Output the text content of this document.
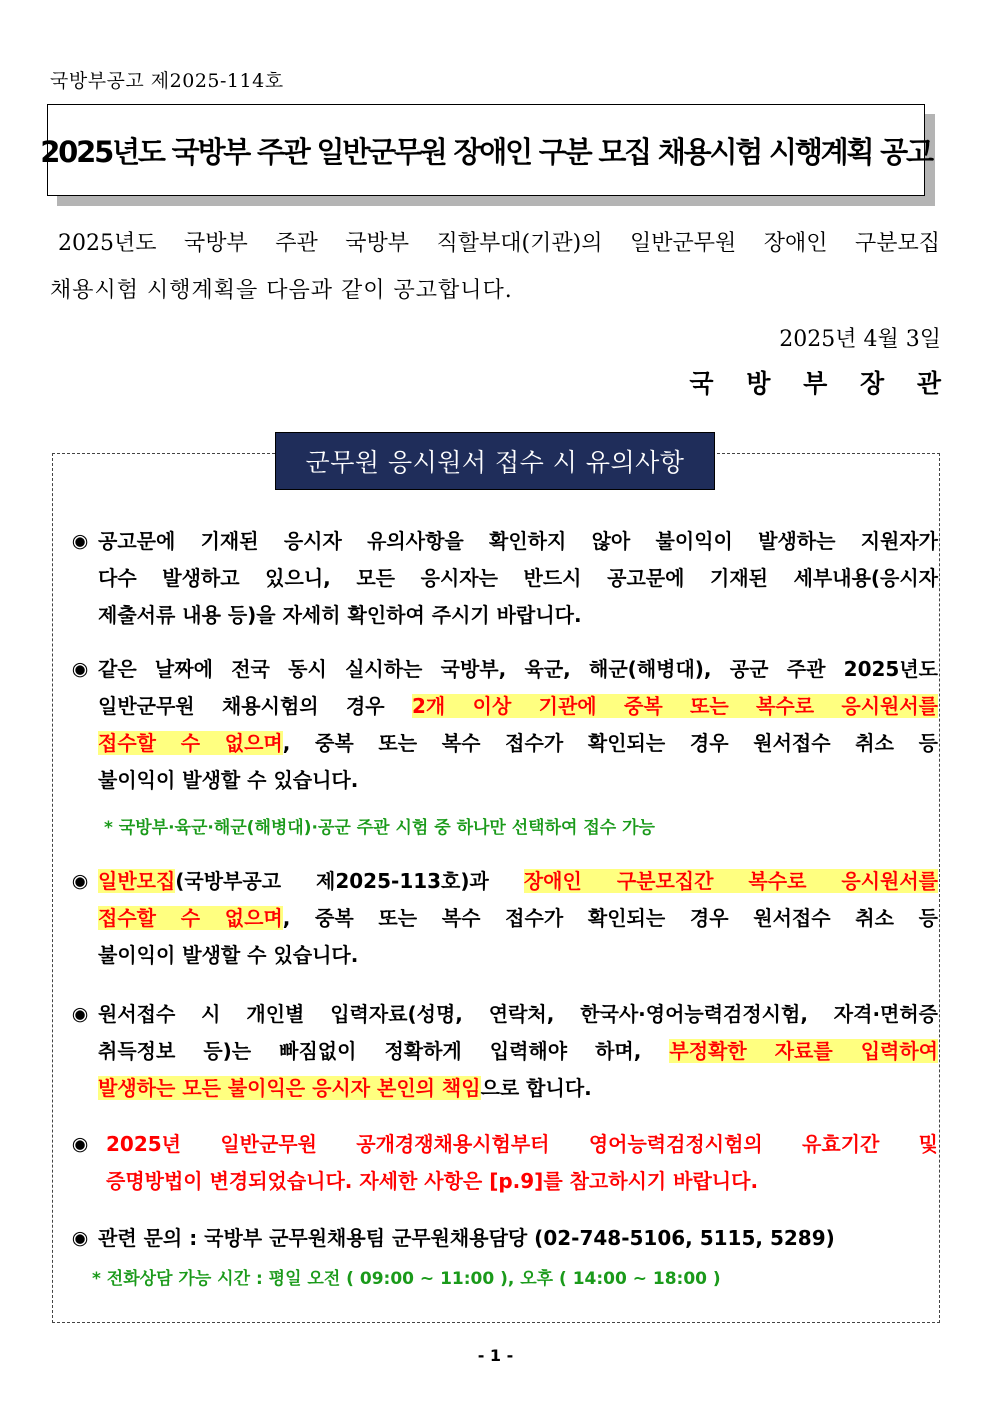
국방부공고 제2025-114호
2025년도 국방부 주관 일반군무원 장애인 구분 모집 채용시험 시행계획 공고
2025년도 국방부 주관 국방부 직할부대(기관)의 일반군무원 장애인 구분모집
채용시험 시행계획을 다음과 같이 공고합니다.
2025년 4월 3일
국 방 부 장 관
군무원 응시원서 접수 시 유의사항
◉ 공고문에 기재된 응시자 유의사항을 확인하지 않아 불이익이 발생하는 지원자가
다수 발생하고 있으니, 모든 응시자는 반드시 공고문에 기재된 세부내용(응시자
제출서류 내용 등)을 자세히 확인하여 주시기 바랍니다.
◉ 같은 날짜에 전국 동시 실시하는 국방부, 육군, 해군(해병대), 공군 주관 2025년도
일반군무원 채용시험의 경우 2개 이상 기관에 중복 또는 복수로 응시원서를
접수할 수 없으며, 중복 또는 복수 접수가 확인되는 경우 원서접수 취소 등
불이익이 발생할 수 있습니다.
* 국방부·육군·해군(해병대)·공군 주관 시험 중 하나만 선택하여 접수 가능
◉ 일반모집(국방부공고 제2025-113호)과 장애인 구분모집간 복수로 응시원서를
접수할 수 없으며, 중복 또는 복수 접수가 확인되는 경우 원서접수 취소 등
불이익이 발생할 수 있습니다.
◉ 원서접수 시 개인별 입력자료(성명, 연락처, 한국사·영어능력검정시험, 자격·면허증
취득정보 등)는 빠짐없이 정확하게 입력해야 하며, 부정확한 자료를 입력하여
발생하는 모든 불이익은 응시자 본인의 책임으로 합니다.
◉ 2025년 일반군무원 공개경쟁채용시험부터 영어능력검정시험의 유효기간 및
증명방법이 변경되었습니다. 자세한 사항은 [p.9]를 참고하시기 바랍니다.
◉ 관련 문의 : 국방부 군무원채용팀 군무원채용담당 (02-748-5106, 5115, 5289)
* 전화상담 가능 시간 : 평일 오전 ( 09:00 ~ 11:00 ), 오후 ( 14:00 ~ 18:00 )
- 1 -
